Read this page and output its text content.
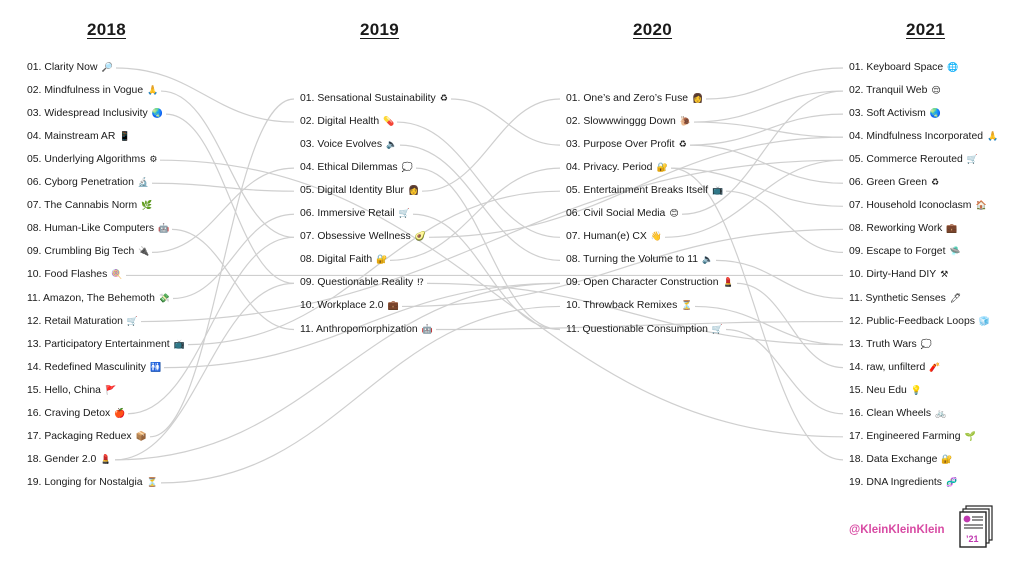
2018
01. Clarity Now 🔎
02. Mindfulness in Vogue 🙏
03. Widespread Inclusivity 🌏
04. Mainstream AR 📱
05. Underlying Algorithms ⚙
06. Cyborg Penetration 🔬
07. The Cannabis Norm 🌿
08. Human-Like Computers 🤖
09. Crumbling Big Tech 🔌
10. Food Flashes 🍭
11. Amazon, The Behemoth 💸
12. Retail Maturation 🛒
13. Participatory Entertainment 📺
14. Redefined Masculinity 🚻
15. Hello, China 🚩
16. Craving Detox 🍎
17. Packaging Reduex 📦
18. Gender 2.0 💄
19. Longing for Nostalgia ⏳
2019
01. Sensational Sustainability ♻
02. Digital Health 💊
03. Voice Evolves 🔈
04. Ethical Dilemmas 💭
05. Digital Identity Blur 👩
06. Immersive Retail 🛒
07. Obsessive Wellness 🥑
08. Digital Faith 🔐
09. Questionable Reality ⁉
10. Workplace 2.0 💼
11. Anthropomorphization 🤖
2020
01. One’s and Zero’s Fuse 👩
02. Slowwwinggg Down 🐌
03. Purpose Over Profit ♻
04. Privacy. Period 🔐
05. Entertainment Breaks Itself 📺
06. Civil Social Media 😊
07. Human(e) CX 👋
08. Turning the Volume to 11 🔈
09. Open Character Construction 💄
10. Throwback Remixes ⏳
11. Questionable Consumption 🛒
2021
01. Keyboard Space 🌐
02. Tranquil Web 😌
03. Soft Activism 🌏
04. Mindfulness Incorporated 🙏
05. Commerce Rerouted 🛒
06. Green Green ♻
07. Household Iconoclasm 🏠
08. Reworking Work 💼
09. Escape to Forget 🛸
10. Dirty-Hand DIY ⚒
11. Synthetic Senses 🖊
12. Public-Feedback Loops 🧊
13. Truth Wars 💭
14. raw, unfilterd 🧨
15. Neu Edu 💡
16. Clean Wheels 🚲
17. Engineered Farming 🌱
18. Data Exchange 🔐
19. DNA Ingredients 🧬
@KleinKleinKlein
’21
